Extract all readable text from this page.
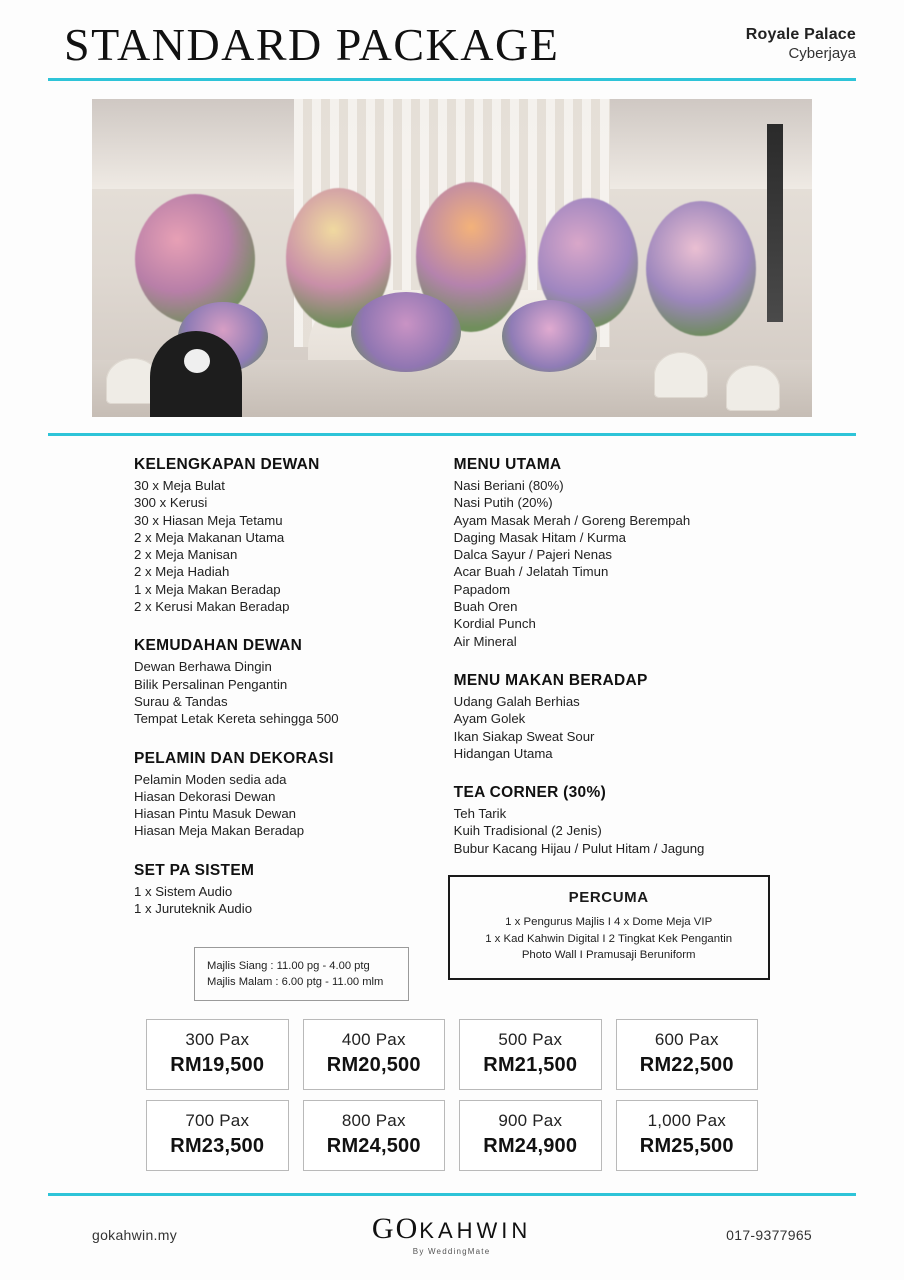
STANDARD PACKAGE	Royale Palace
Cyberjaya
KELENGKAPAN DEWAN
30 x Meja Bulat
300 x Kerusi
30 x Hiasan Meja Tetamu
2 x Meja Makanan Utama
2 x Meja Manisan
2 x Meja Hadiah
1 x Meja Makan Beradap
2 x Kerusi Makan Beradap
KEMUDAHAN DEWAN
Dewan Berhawa Dingin
Bilik Persalinan Pengantin
Surau & Tandas
Tempat Letak Kereta sehingga 500
PELAMIN DAN DEKORASI
Pelamin Moden sedia ada
Hiasan Dekorasi Dewan
Hiasan Pintu Masuk Dewan
Hiasan Meja Makan Beradap
SET PA SISTEM
1 x Sistem Audio
1 x Juruteknik Audio
Majlis Siang : 11.00 pg - 4.00 ptg
Majlis Malam : 6.00 ptg - 11.00 mlm
MENU UTAMA
Nasi Beriani (80%)
Nasi Putih (20%)
Ayam Masak Merah / Goreng Berempah
Daging Masak Hitam / Kurma
Dalca Sayur / Pajeri Nenas
Acar Buah / Jelatah Timun
Papadom
Buah Oren
Kordial Punch
Air Mineral
MENU MAKAN BERADAP
Udang Galah Berhias
Ayam Golek
Ikan Siakap Sweat Sour
Hidangan Utama
TEA CORNER (30%)
Teh Tarik
Kuih Tradisional (2 Jenis)
Bubur Kacang Hijau / Pulut Hitam / Jagung
PERCUMA
1 x Pengurus Majlis I 4 x Dome Meja VIP
1 x Kad Kahwin Digital I 2 Tingkat Kek Pengantin
Photo Wall I Pramusaji Beruniform
300 Pax
RM19,500
400 Pax
RM20,500
500 Pax
RM21,500
600 Pax
RM22,500
700 Pax
RM23,500
800 Pax
RM24,500
900 Pax
RM24,900
1,000 Pax
RM25,500
gokahwin.my	GOKAHWIN
By WeddingMate
017-9377965
